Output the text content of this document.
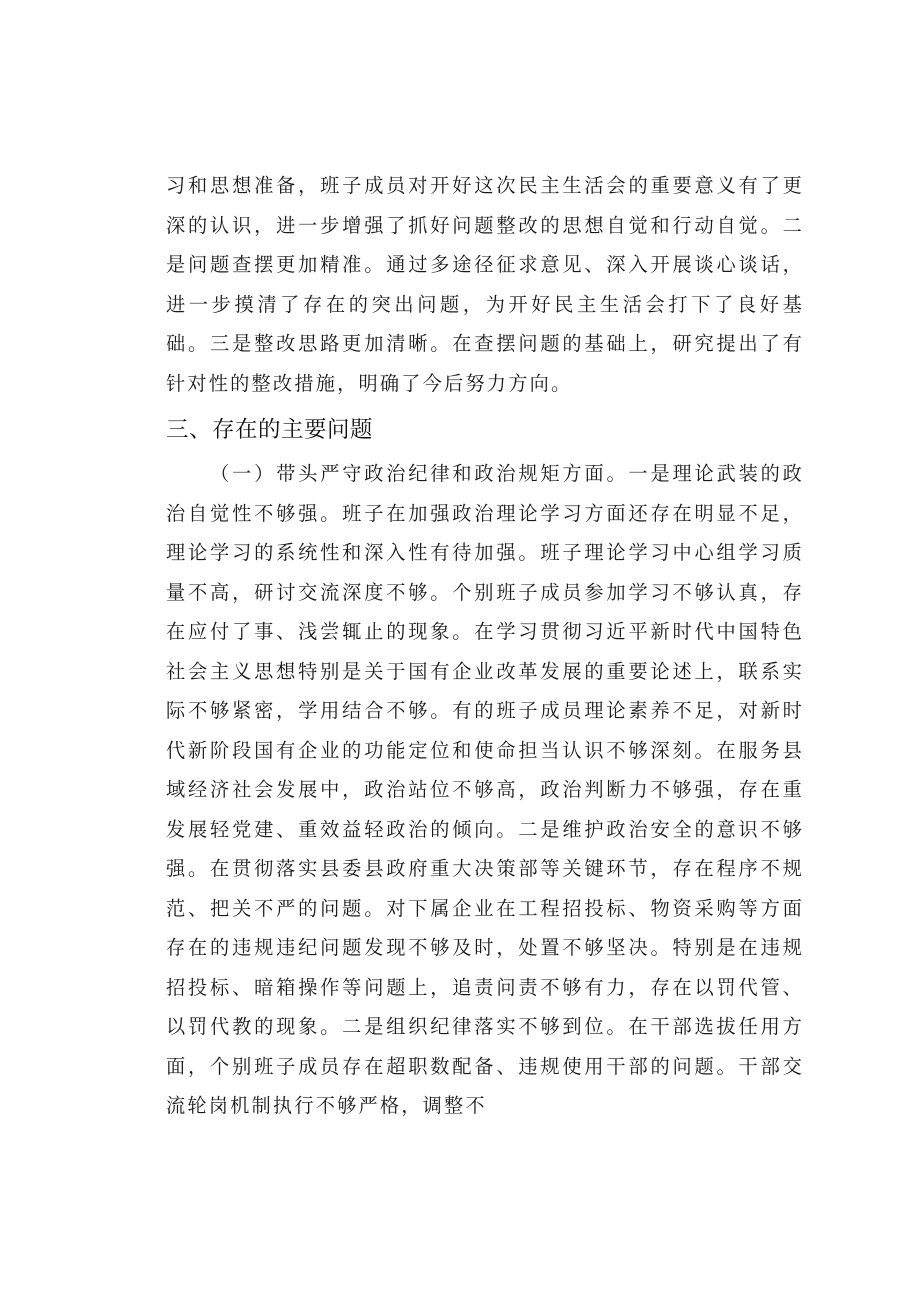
习和思想准备，班子成员对开好这次民主生活会的重要意义有了更深的认识，进一步增强了抓好问题整改的思想自觉和行动自觉。二是问题查摆更加精准。通过多途径征求意见、深入开展谈心谈话，进一步摸清了存在的突出问题，为开好民主生活会打下了良好基础。三是整改思路更加清晰。在查摆问题的基础上，研究提出了有针对性的整改措施，明确了今后努力方向。

三、存在的主要问题

（一）带头严守政治纪律和政治规矩方面。一是理论武装的政治自觉性不够强。班子在加强政治理论学习方面还存在明显不足，理论学习的系统性和深入性有待加强。班子理论学习中心组学习质量不高，研讨交流深度不够。个别班子成员参加学习不够认真，存在应付了事、浅尝辄止的现象。在学习贯彻习近平新时代中国特色社会主义思想特别是关于国有企业改革发展的重要论述上，联系实际不够紧密，学用结合不够。有的班子成员理论素养不足，对新时代新阶段国有企业的功能定位和使命担当认识不够深刻。在服务县域经济社会发展中，政治站位不够高，政治判断力不够强，存在重发展轻党建、重效益轻政治的倾向。二是维护政治安全的意识不够强。在贯彻落实县委县政府重大决策部等关键环节，存在程序不规范、把关不严的问题。对下属企业在工程招投标、物资采购等方面存在的违规违纪问题发现不够及时，处置不够坚决。特别是在违规招投标、暗箱操作等问题上，追责问责不够有力，存在以罚代管、以罚代教的现象。二是组织纪律落实不够到位。在干部选拔任用方面，个别班子成员存在超职数配备、违规使用干部的问题。干部交流轮岗机制执行不够严格，调整不
